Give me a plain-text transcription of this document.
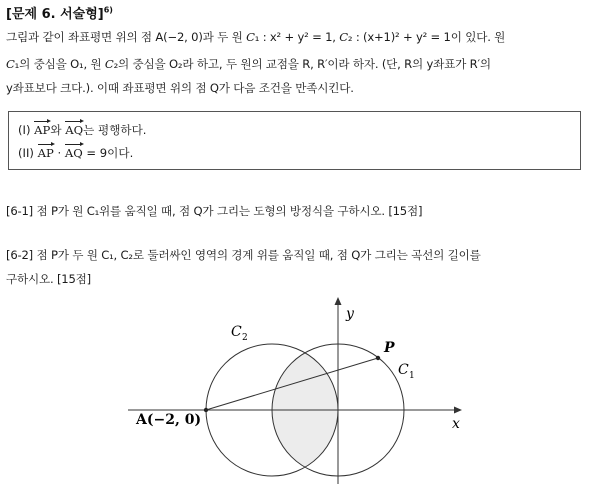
[문제 6. 서술형]$^{6)}$
그림과 같이 좌표평면 위의 점 A(−2, 0)과 두 원 C₁ : x² + y² = 1, C₂ : (x+1)² + y² = 1이 있다. 원
C₁의 중심을 O₁, 원 C₂의 중심을 O₂라 하고, 두 원의 교점을 R, R′이라 하자. (단, R의 y좌표가 R′의
y좌표보다 크다.). 이때 좌표평면 위의 점 Q가 다음 조건을 만족시킨다.
(I) AP와 AQ는 평행하다.
(II) AP · AQ = 9이다.
[6-1] 점 P가 원 C₁위를 움직일 때, 점 Q가 그리는 도형의 방정식을 구하시오. [15점]
[6-2] 점 P가 두 원 C₁, C₂로 둘러싸인 영역의 경계 위를 움직일 때, 점 Q가 그리는 곡선의 길이를
구하시오. [15점]
y
x
C 2
C 1
P
A(−2, 0)
